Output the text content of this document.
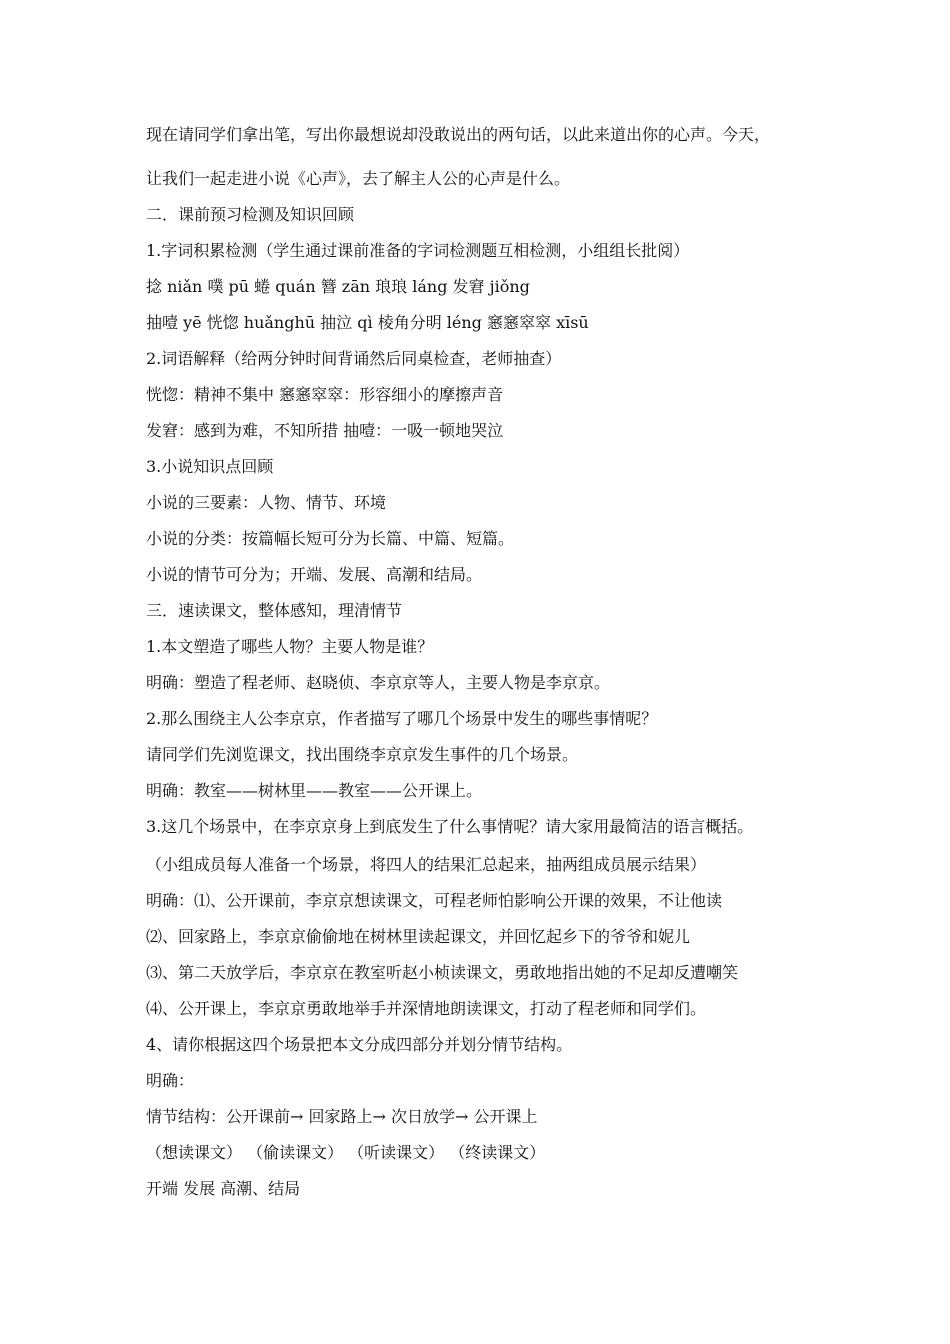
现在请同学们拿出笔，写出你最想说却没敢说出的两句话，以此来道出你的心声。今天，
让我们一起走进小说《心声》，去了解主人公的心声是什么。
二．课前预习检测及知识回顾
1.字词积累检测（学生通过课前准备的字词检测题互相检测，小组组长批阅）
捻 niǎn 噗 pū 蜷 quán 簪 zān 琅琅 láng 发窘 jiǒng
抽噎 yē 恍惚 huǎnghū 抽泣 qì 棱角分明 léng 窸窸窣窣 xīsū
2.词语解释（给两分钟时间背诵然后同桌检查，老师抽查）
恍惚：精神不集中 窸窸窣窣：形容细小的摩擦声音
发窘：感到为难，不知所措 抽噎：一吸一顿地哭泣
3.小说知识点回顾
小说的三要素：人物、情节、环境
小说的分类：按篇幅长短可分为长篇、中篇、短篇。
小说的情节可分为；开端、发展、高潮和结局。
三．速读课文，整体感知，理清情节
1.本文塑造了哪些人物？主要人物是谁？
明确：塑造了程老师、赵晓侦、李京京等人，主要人物是李京京。
2.那么围绕主人公李京京，作者描写了哪几个场景中发生的哪些事情呢？
请同学们先浏览课文，找出围绕李京京发生事件的几个场景。
明确：教室——树林里——教室——公开课上。
3.这几个场景中，在李京京身上到底发生了什么事情呢？请大家用最简洁的语言概括。
（小组成员每人准备一个场景，将四人的结果汇总起来，抽两组成员展示结果）
明确：⑴、公开课前，李京京想读课文，可程老师怕影响公开课的效果，不让他读
⑵、回家路上，李京京偷偷地在树林里读起课文，并回忆起乡下的爷爷和妮儿
⑶、第二天放学后，李京京在教室听赵小桢读课文，勇敢地指出她的不足却反遭嘲笑
⑷、公开课上，李京京勇敢地举手并深情地朗读课文，打动了程老师和同学们。
4、请你根据这四个场景把本文分成四部分并划分情节结构。
明确：
情节结构：公开课前→ 回家路上→ 次日放学→ 公开课上
（想读课文） （偷读课文） （听读课文） （终读课文）
开端 发展 高潮、结局
